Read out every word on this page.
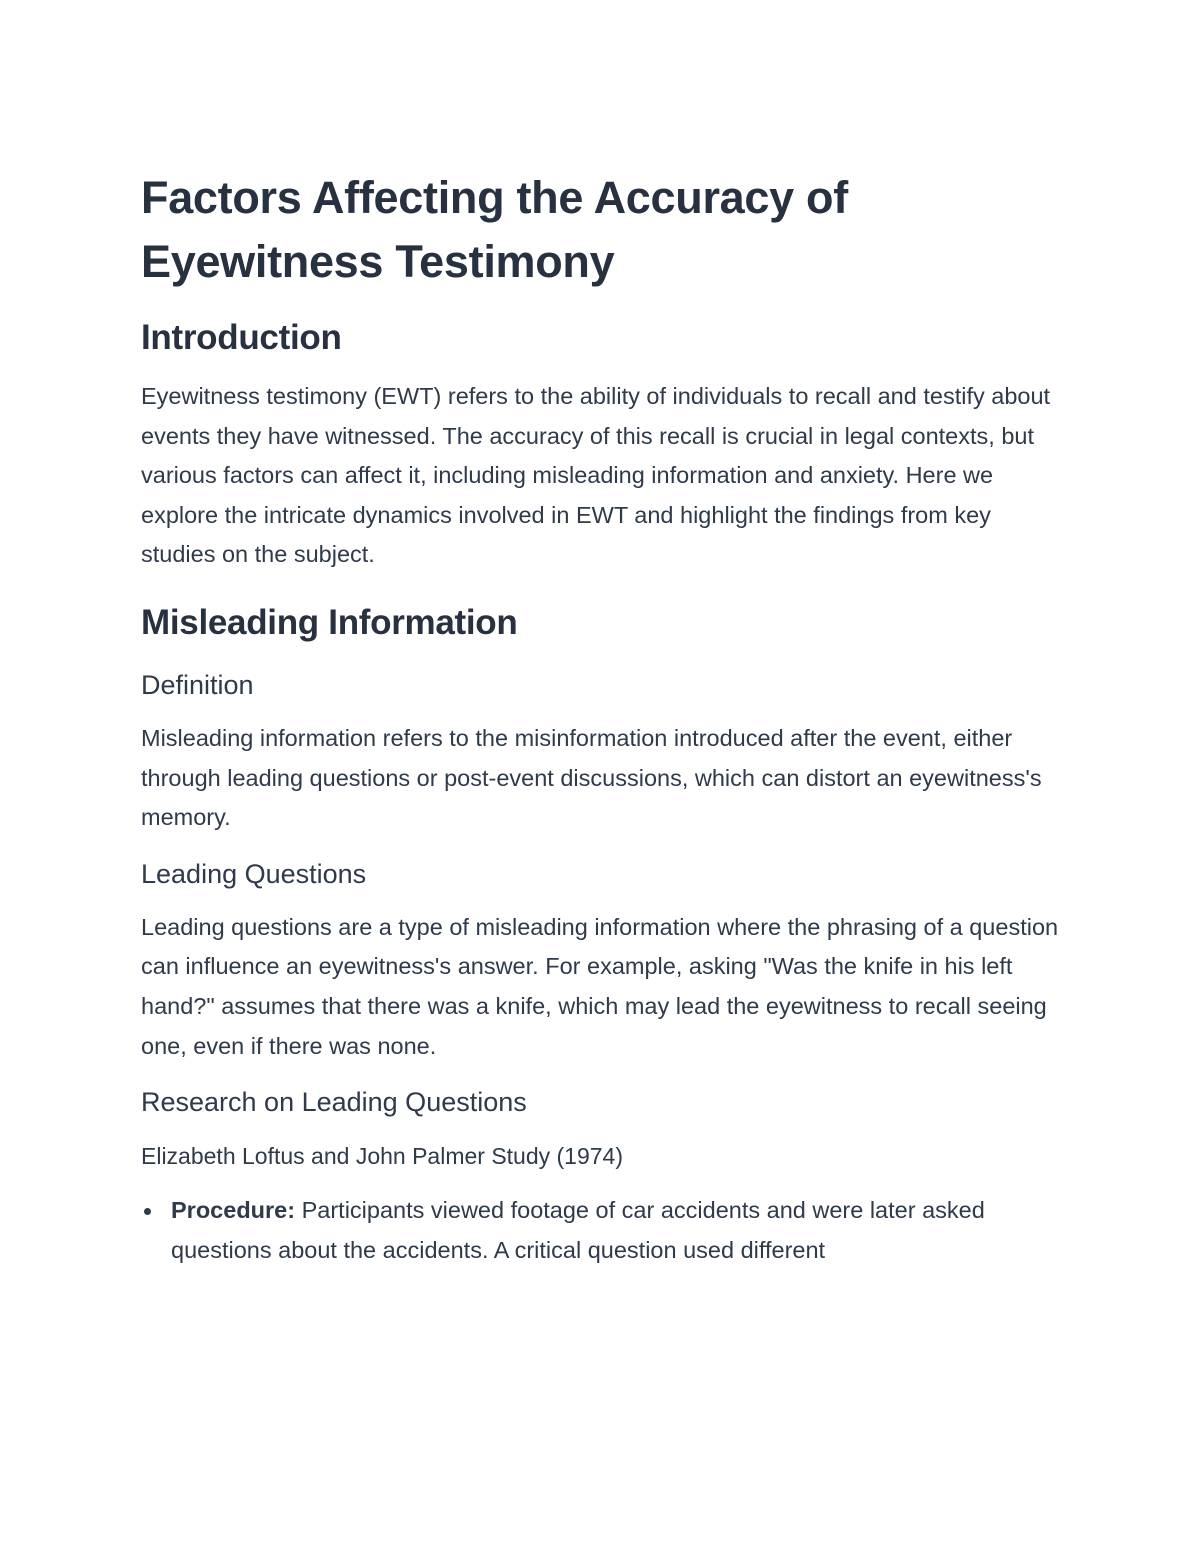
Factors Affecting the Accuracy of Eyewitness Testimony
Introduction

Eyewitness testimony (EWT) refers to the ability of individuals to recall and testify about events they have witnessed. The accuracy of this recall is crucial in legal contexts, but various factors can affect it, including misleading information and anxiety. Here we explore the intricate dynamics involved in EWT and highlight the findings from key studies on the subject.

Misleading Information
Definition

Misleading information refers to the misinformation introduced after the event, either through leading questions or post-event discussions, which can distort an eyewitness's memory.

Leading Questions

Leading questions are a type of misleading information where the phrasing of a question can influence an eyewitness's answer. For example, asking "Was the knife in his left hand?" assumes that there was a knife, which may lead the eyewitness to recall seeing one, even if there was none.

Research on Leading Questions
Elizabeth Loftus and John Palmer Study (1974)
Procedure: Participants viewed footage of car accidents and were later asked questions about the accidents. A critical question used different
